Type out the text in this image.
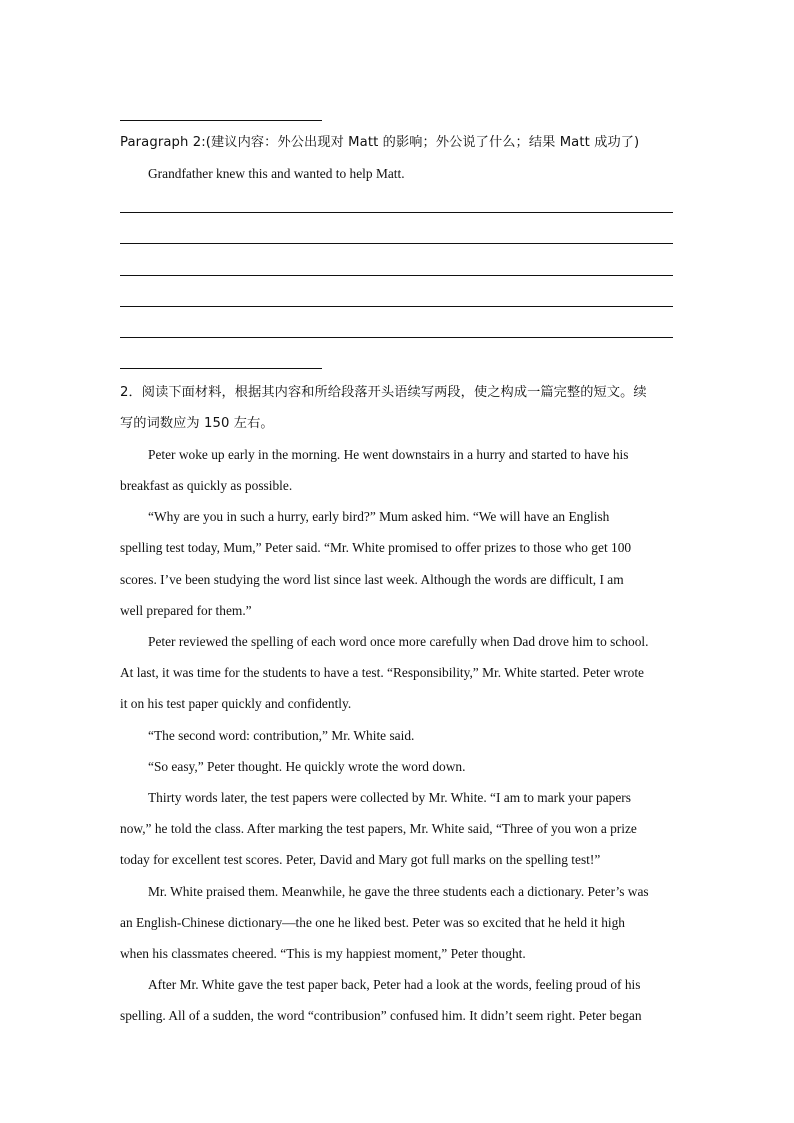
Paragraph 2:(建议内容：外公出现对 Matt 的影响；外公说了什么；结果 Matt 成功了)
Grandfather knew this and wanted to help Matt.
2．阅读下面材料，根据其内容和所给段落开头语续写两段，使之构成一篇完整的短文。续
写的词数应为 150 左右。
Peter woke up early in the morning. He went downstairs in a hurry and started to have his
breakfast as quickly as possible.
“Why are you in such a hurry, early bird?” Mum asked him. “We will have an English
spelling test today, Mum,” Peter said. “Mr. White promised to offer prizes to those who get 100
scores. I’ve been studying the word list since last week. Although the words are difficult, I am
well prepared for them.”
Peter reviewed the spelling of each word once more carefully when Dad drove him to school.
At last, it was time for the students to have a test. “Responsibility,” Mr. White started. Peter wrote
it on his test paper quickly and confidently.
“The second word: contribution,” Mr. White said.
“So easy,” Peter thought. He quickly wrote the word down.
Thirty words later, the test papers were collected by Mr. White. “I am to mark your papers
now,” he told the class. After marking the test papers, Mr. White said, “Three of you won a prize
today for excellent test scores. Peter, David and Mary got full marks on the spelling test!”
Mr. White praised them. Meanwhile, he gave the three students each a dictionary. Peter’s was
an English-Chinese dictionary—the one he liked best. Peter was so excited that he held it high
when his classmates cheered. “This is my happiest moment,” Peter thought.
After Mr. White gave the test paper back, Peter had a look at the words, feeling proud of his
spelling. All of a sudden, the word “contribusion” confused him. It didn’t seem right. Peter began
